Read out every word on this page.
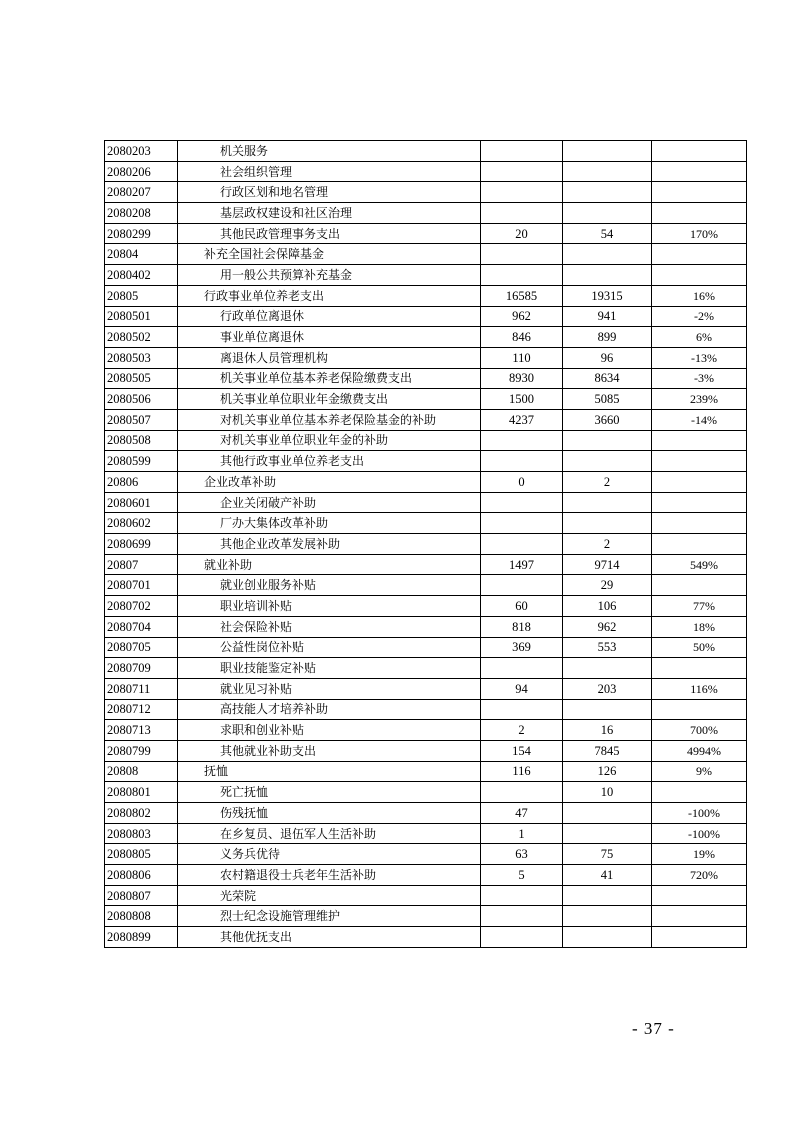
2080203	机关服务			
2080206	社会组织管理			
2080207	行政区划和地名管理			
2080208	基层政权建设和社区治理			
2080299	其他民政管理事务支出	20	54	170%
20804	补充全国社会保障基金			
2080402	用一般公共预算补充基金			
20805	行政事业单位养老支出	16585	19315	16%
2080501	行政单位离退休	962	941	-2%
2080502	事业单位离退休	846	899	6%
2080503	离退休人员管理机构	110	96	-13%
2080505	机关事业单位基本养老保险缴费支出	8930	8634	-3%
2080506	机关事业单位职业年金缴费支出	1500	5085	239%
2080507	对机关事业单位基本养老保险基金的补助	4237	3660	-14%
2080508	对机关事业单位职业年金的补助			
2080599	其他行政事业单位养老支出			
20806	企业改革补助	0	2	
2080601	企业关闭破产补助			
2080602	厂办大集体改革补助			
2080699	其他企业改革发展补助		2	
20807	就业补助	1497	9714	549%
2080701	就业创业服务补贴		29	
2080702	职业培训补贴	60	106	77%
2080704	社会保险补贴	818	962	18%
2080705	公益性岗位补贴	369	553	50%
2080709	职业技能鉴定补贴			
2080711	就业见习补贴	94	203	116%
2080712	高技能人才培养补助			
2080713	求职和创业补贴	2	16	700%
2080799	其他就业补助支出	154	7845	4994%
20808	抚恤	116	126	9%
2080801	死亡抚恤		10	
2080802	伤残抚恤	47		-100%
2080803	在乡复员、退伍军人生活补助	1		-100%
2080805	义务兵优待	63	75	19%
2080806	农村籍退役士兵老年生活补助	5	41	720%
2080807	光荣院			
2080808	烈士纪念设施管理维护			
2080899	其他优抚支出			
- 37 -
